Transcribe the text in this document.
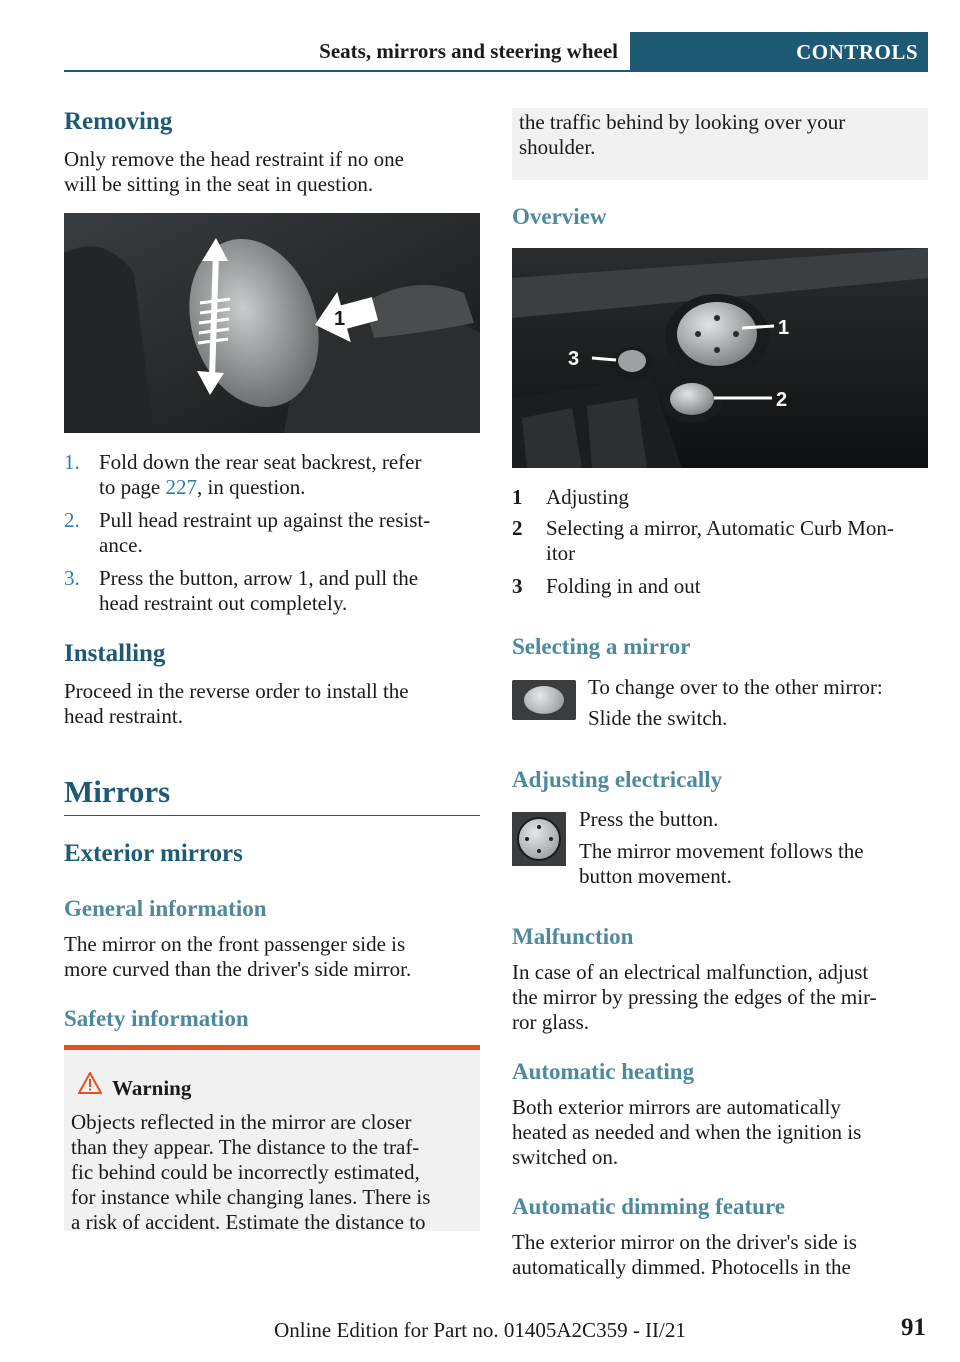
Seats, mirrors and steering wheel	CONTROLS
Removing
Only remove the head restraint if no one
will be sitting in the seat in question.
1
1. Fold down the rear seat backrest, refer
to page 227, in question.
2. Pull head restraint up against the resist-
ance.
3. Press the button, arrow 1, and pull the
head restraint out completely.
Installing
Proceed in the reverse order to install the
head restraint.
Mirrors
Exterior mirrors
General information
The mirror on the front passenger side is
more curved than the driver's side mirror.
Safety information
Warning
Objects reflected in the mirror are closer
than they appear. The distance to the traf-
fic behind could be incorrectly estimated,
for instance while changing lanes. There is
a risk of accident. Estimate the distance to
the traffic behind by looking over your
shoulder.
Overview
1
2
3
1 Adjusting
2 Selecting a mirror, Automatic Curb Mon-
itor
3 Folding in and out
Selecting a mirror
To change over to the other mirror:
Slide the switch.
Adjusting electrically
Press the button.
The mirror movement follows the
button movement.
Malfunction
In case of an electrical malfunction, adjust
the mirror by pressing the edges of the mir-
ror glass.
Automatic heating
Both exterior mirrors are automatically
heated as needed and when the ignition is
switched on.
Automatic dimming feature
The exterior mirror on the driver's side is
automatically dimmed. Photocells in the
Online Edition for Part no. 01405A2C359 - II/21	91
